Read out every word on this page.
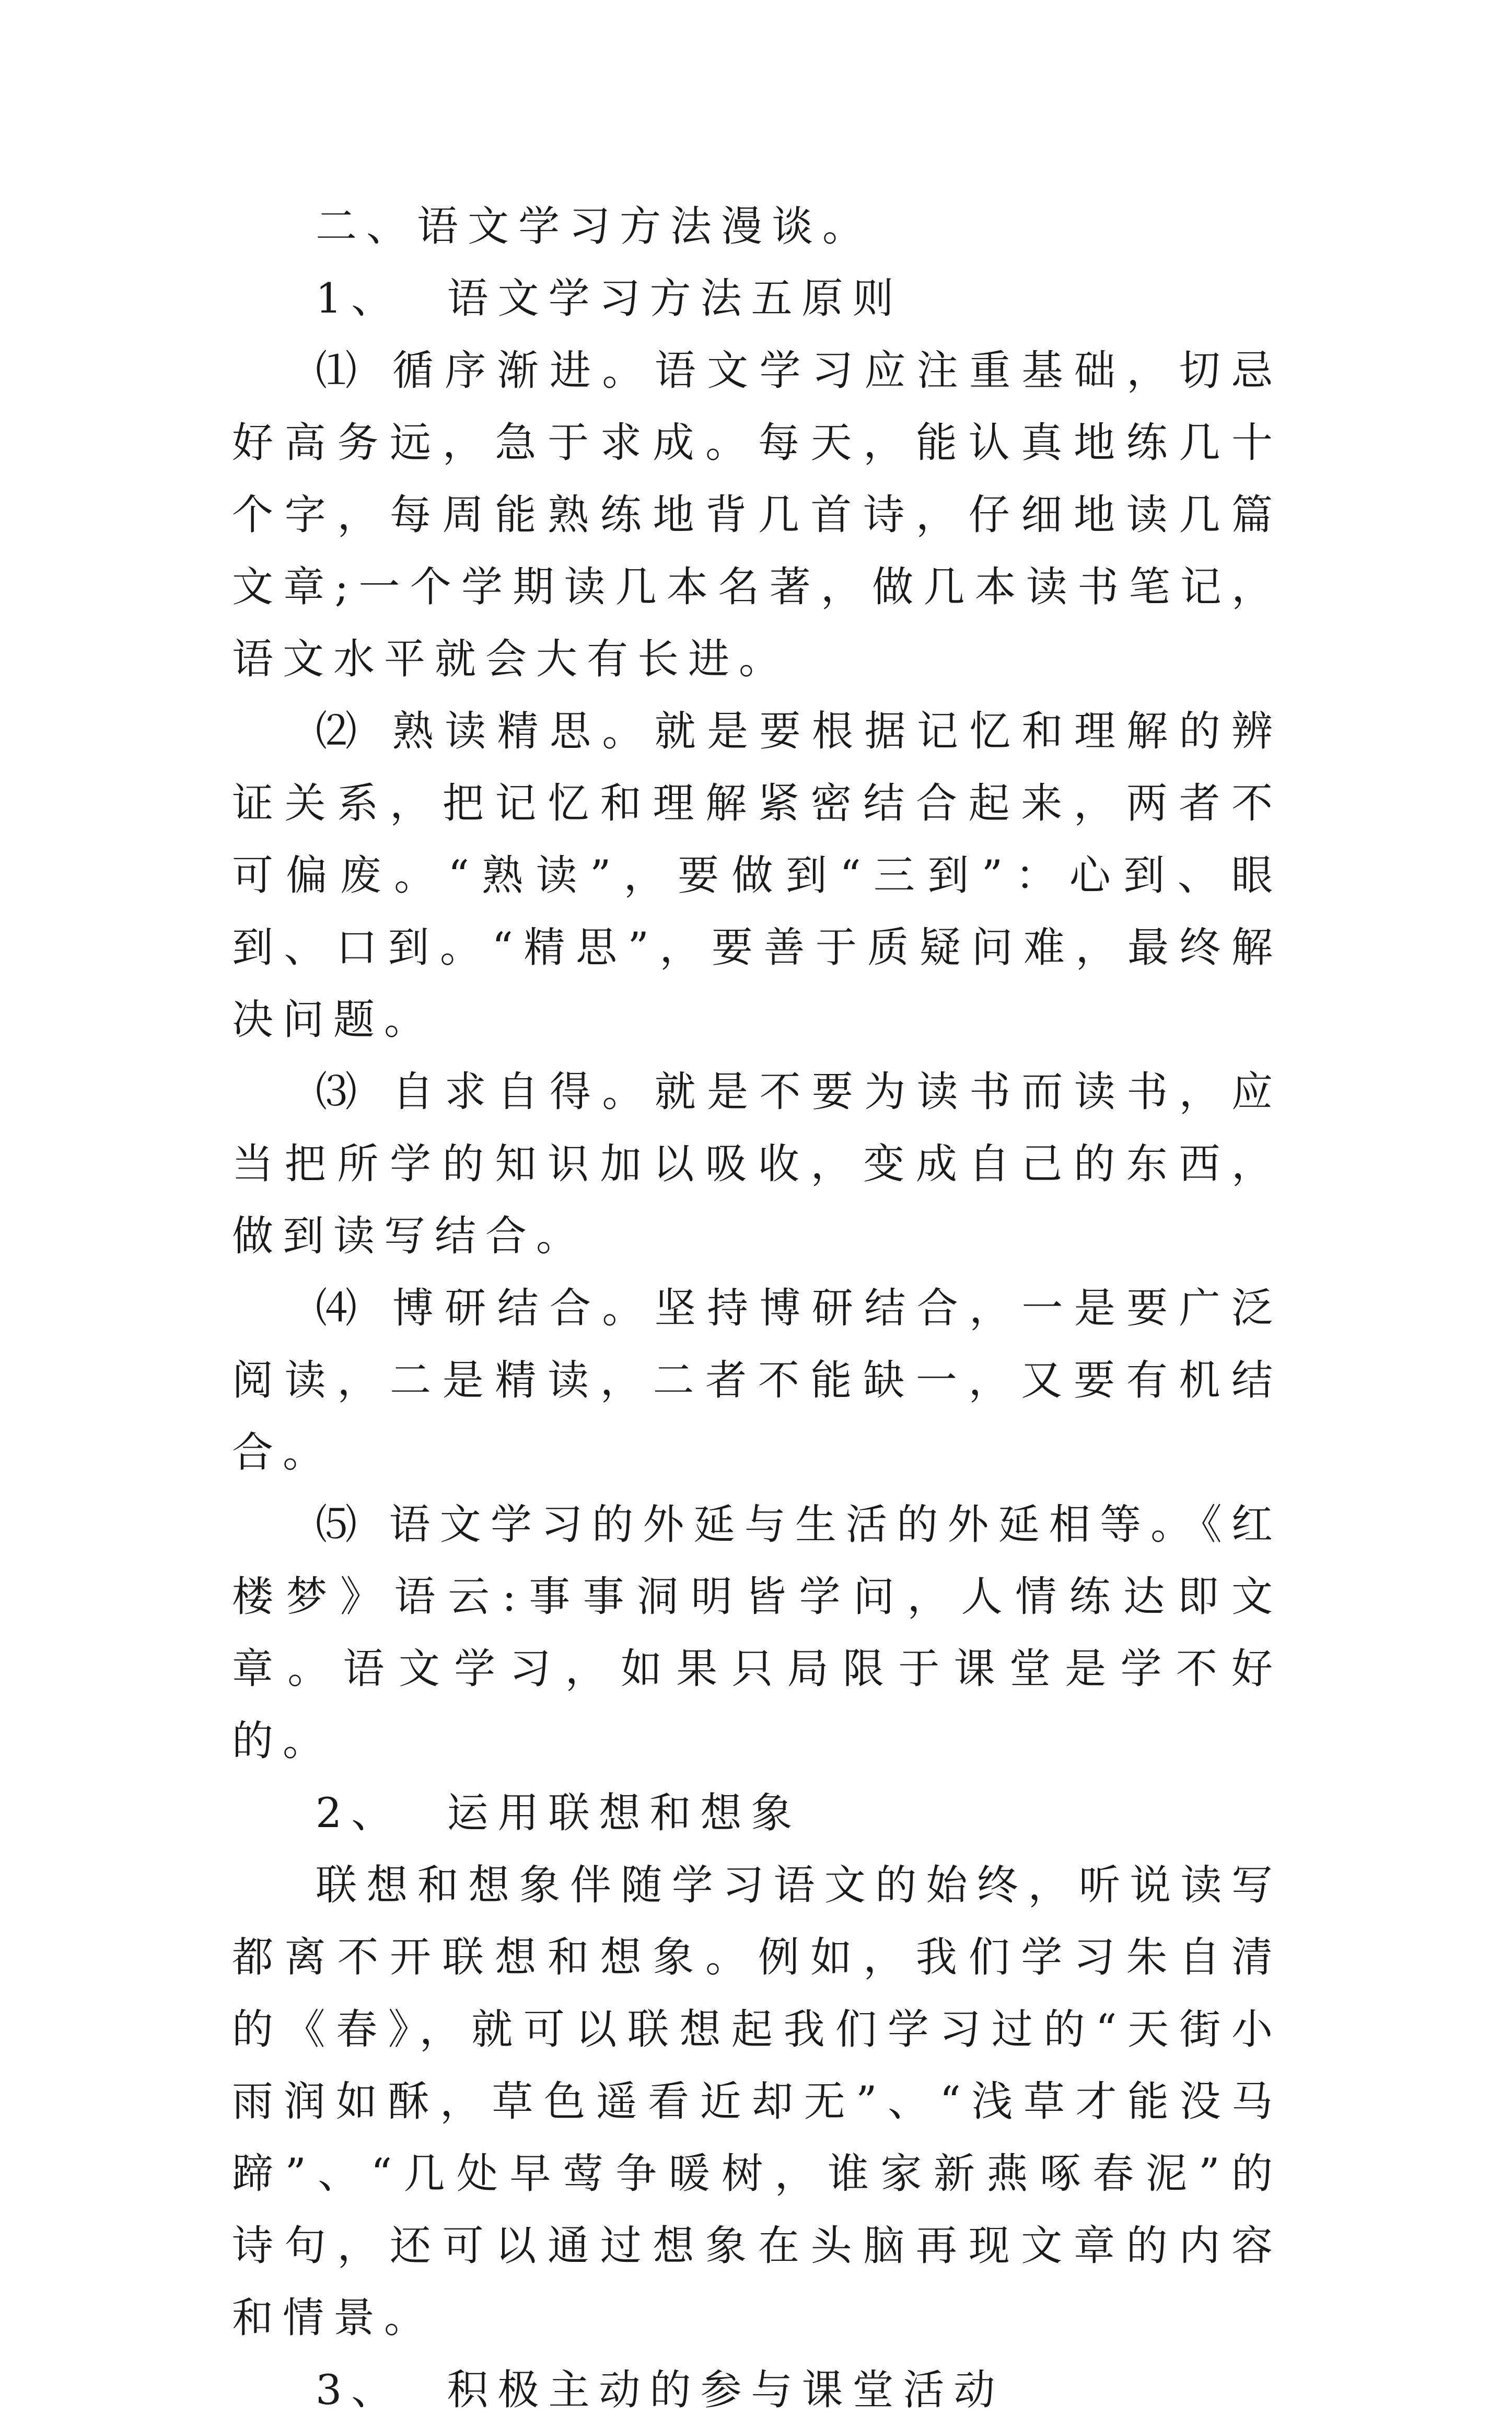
二、语文学习方法漫谈。

1、  语文学习方法五原则

⑴ 循序渐进。语文学习应注重基础，切忌好高务远，急于求成。每天，能认真地练几十个字，每周能熟练地背几首诗，仔细地读几篇文章;一个学期读几本名著，做几本读书笔记，语文水平就会大有长进。

⑵ 熟读精思。就是要根据记忆和理解的辨证关系，把记忆和理解紧密结合起来，两者不可偏废。“熟读”，要做到“三到”：心到、眼到、口到。“精思”，要善于质疑问难，最终解决问题。

⑶ 自求自得。就是不要为读书而读书，应当把所学的知识加以吸收，变成自己的东西，做到读写结合。

⑷ 博研结合。坚持博研结合，一是要广泛阅读，二是精读，二者不能缺一，又要有机结合。

⑸ 语文学习的外延与生活的外延相等。《红楼梦》语云:事事洞明皆学问，人情练达即文章。语文学习，如果只局限于课堂是学不好的。

2、  运用联想和想象

联想和想象伴随学习语文的始终，听说读写都离不开联想和想象。例如，我们学习朱自清的《春》，就可以联想起我们学习过的“天街小雨润如酥，草色遥看近却无”、“浅草才能没马蹄”、“几处早莺争暖树，谁家新燕啄春泥”的诗句，还可以通过想象在头脑再现文章的内容和情景。

3、  积极主动的参与课堂活动
